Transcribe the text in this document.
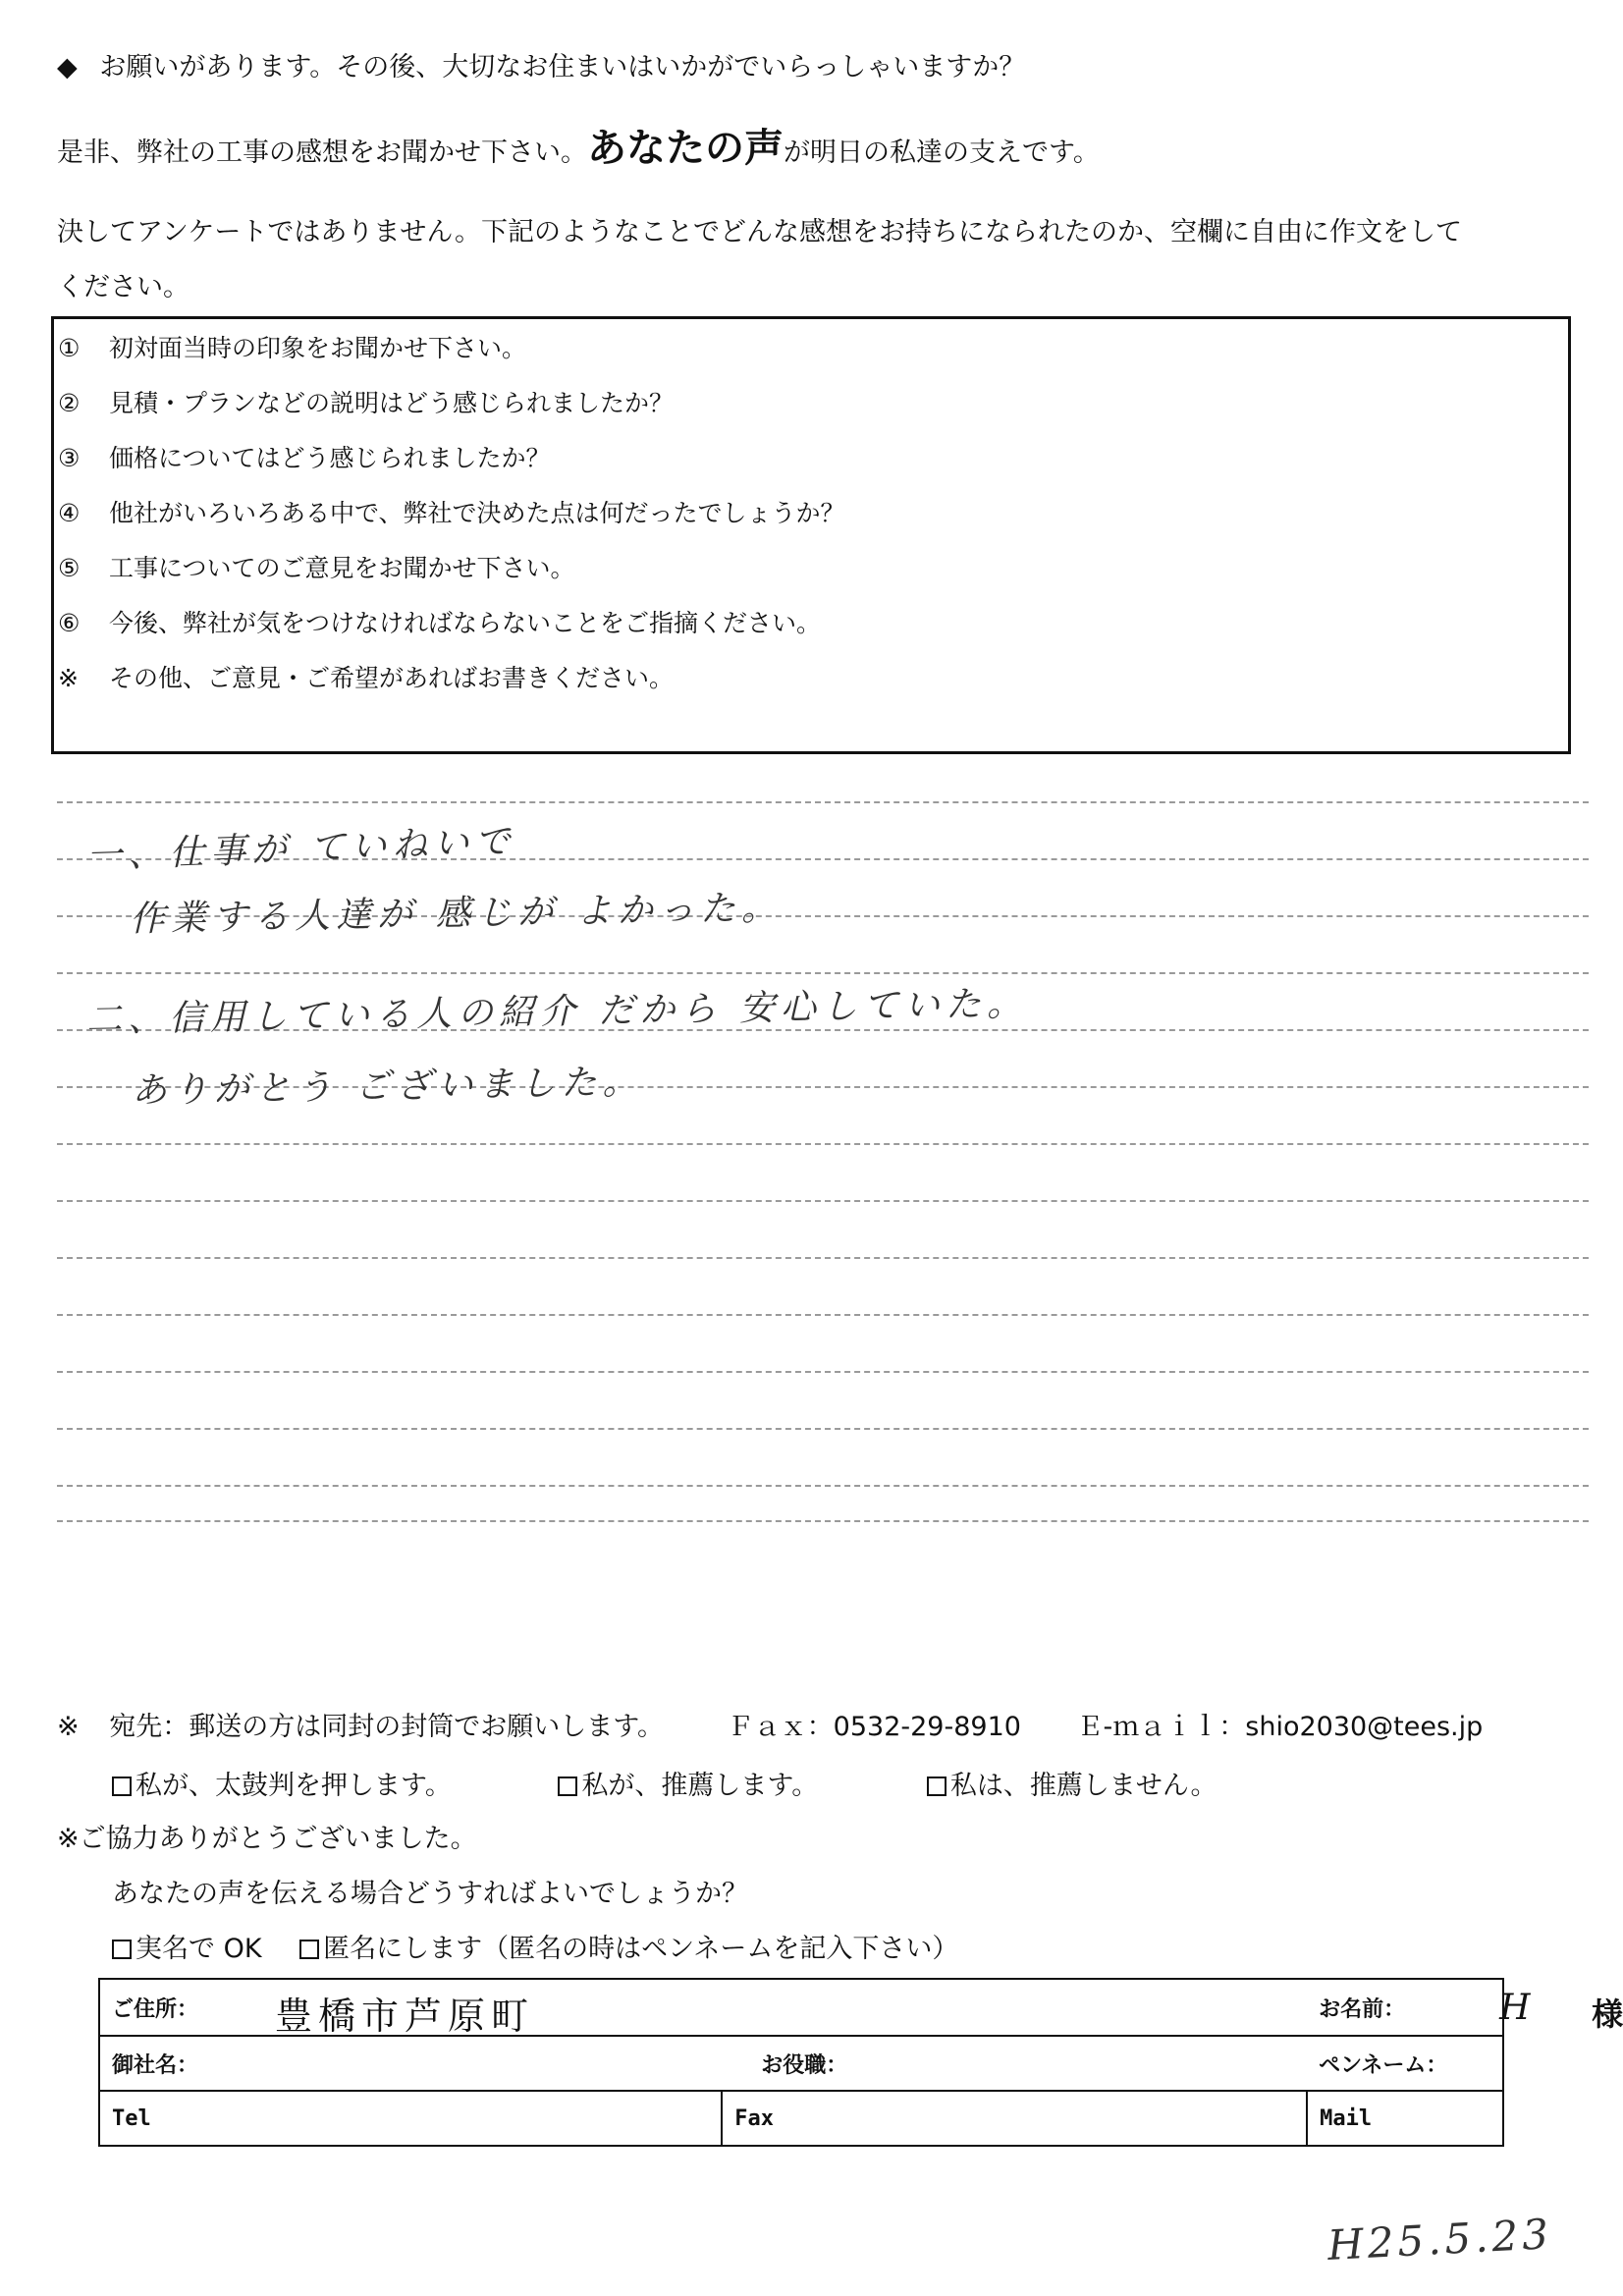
◆ お願いがあります。その後、大切なお住まいはいかがでいらっしゃいますか？
是非、弊社の工事の感想をお聞かせ下さい。あなたの声が明日の私達の支えです。
決してアンケートではありません。下記のようなことでどんな感想をお持ちになられたのか、空欄に自由に作文をして
ください。
① 初対面当時の印象をお聞かせ下さい。
② 見積・プランなどの説明はどう感じられましたか？
③ 価格についてはどう感じられましたか？
④ 他社がいろいろある中で、弊社で決めた点は何だったでしょうか？
⑤ 工事についてのご意見をお聞かせ下さい。
⑥ 今後、弊社が気をつけなければならないことをご指摘ください。
※ その他、ご意見・ご希望があればお書きください。
一、仕事が ていねいで
作業する人達が 感じが よかった。
二、信用している人の紹介 だから 安心していた。
ありがとう ございました。
※ 宛先：郵送の方は同封の封筒でお願いします。 Ｆａｘ：0532-29-8910 Ｅ-ｍａｉｌ：shio2030@tees.jp
私が、太鼓判を押します。	私が、推薦します。	私は、推薦しません。
※ご協力ありがとうございました。
あなたの声を伝える場合どうすればよいでしょうか？
実名で OK 匿名にします（匿名の時はペンネームを記入下さい）
ご住所： 豊橋市芦原町		お名前： H 様

御社名：	お役職：	ペンネーム：
Tel	Fax	Mail
H25.5.23
